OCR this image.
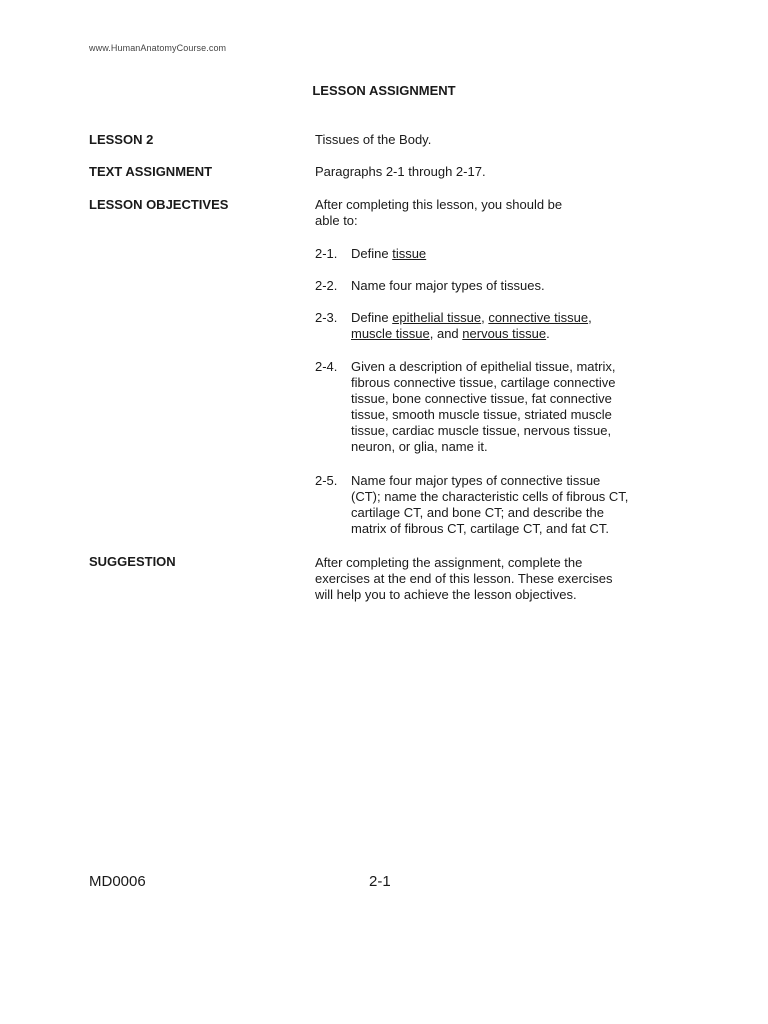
www.HumanAnatomyCourse.com
LESSON ASSIGNMENT
LESSON 2	Tissues of the Body.
TEXT ASSIGNMENT	Paragraphs 2-1 through 2-17.
LESSON OBJECTIVES	After completing this lesson, you should be
able to:
2-1. Define tissue
2-2. Name four major types of tissues.
2-3. Define epithelial tissue, connective tissue,
muscle tissue, and nervous tissue.
2-4. Given a description of epithelial tissue, matrix,
fibrous connective tissue, cartilage connective
tissue, bone connective tissue, fat connective
tissue, smooth muscle tissue, striated muscle
tissue, cardiac muscle tissue, nervous tissue,
neuron, or glia, name it.
2-5. Name four major types of connective tissue
(CT); name the characteristic cells of fibrous CT,
cartilage CT, and bone CT; and describe the
matrix of fibrous CT, cartilage CT, and fat CT.
SUGGESTION	After completing the assignment, complete the
exercises at the end of this lesson. These exercises
will help you to achieve the lesson objectives.
MD0006	2-1
